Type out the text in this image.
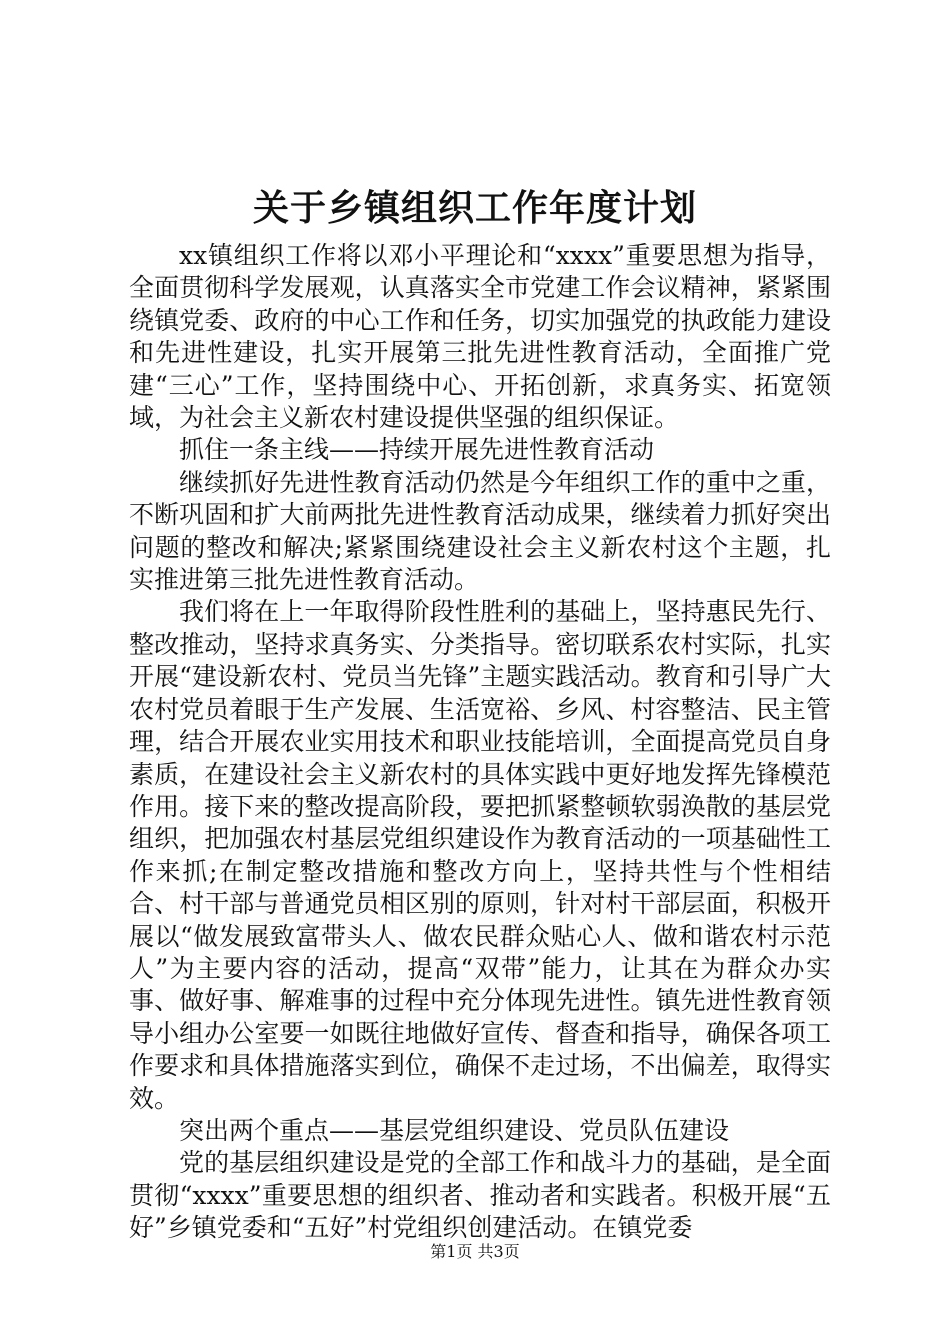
关于乡镇组织工作年度计划

xx镇组织工作将以邓小平理论和“xxxx”重要思想为指导，全面贯彻科学发展观，认真落实全市党建工作会议精神，紧紧围绕镇党委、政府的中心工作和任务，切实加强党的执政能力建设和先进性建设，扎实开展第三批先进性教育活动，全面推广党建“三心”工作，坚持围绕中心、开拓创新，求真务实、拓宽领域，为社会主义新农村建设提供坚强的组织保证。

抓住一条主线——持续开展先进性教育活动

继续抓好先进性教育活动仍然是今年组织工作的重中之重，不断巩固和扩大前两批先进性教育活动成果，继续着力抓好突出问题的整改和解决;紧紧围绕建设社会主义新农村这个主题，扎实推进第三批先进性教育活动。

我们将在上一年取得阶段性胜利的基础上，坚持惠民先行、整改推动，坚持求真务实、分类指导。密切联系农村实际，扎实开展“建设新农村、党员当先锋”主题实践活动。教育和引导广大农村党员着眼于生产发展、生活宽裕、乡风、村容整洁、民主管理，结合开展农业实用技术和职业技能培训，全面提高党员自身素质，在建设社会主义新农村的具体实践中更好地发挥先锋模范作用。接下来的整改提高阶段，要把抓紧整顿软弱涣散的基层党组织，把加强农村基层党组织建设作为教育活动的一项基础性工作来抓;在制定整改措施和整改方向上，坚持共性与个性相结合、村干部与普通党员相区别的原则，针对村干部层面，积极开展以“做发展致富带头人、做农民群众贴心人、做和谐农村示范人”为主要内容的活动，提高“双带”能力，让其在为群众办实事、做好事、解难事的过程中充分体现先进性。镇先进性教育领导小组办公室要一如既往地做好宣传、督查和指导，确保各项工作要求和具体措施落实到位，确保不走过场，不出偏差，取得实效。

突出两个重点——基层党组织建设、党员队伍建设

党的基层组织建设是党的全部工作和战斗力的基础，是全面贯彻“xxxx”重要思想的组织者、推动者和实践者。积极开展“五好”乡镇党委和“五好”村党组织创建活动。在镇党委

第1页 共3页
